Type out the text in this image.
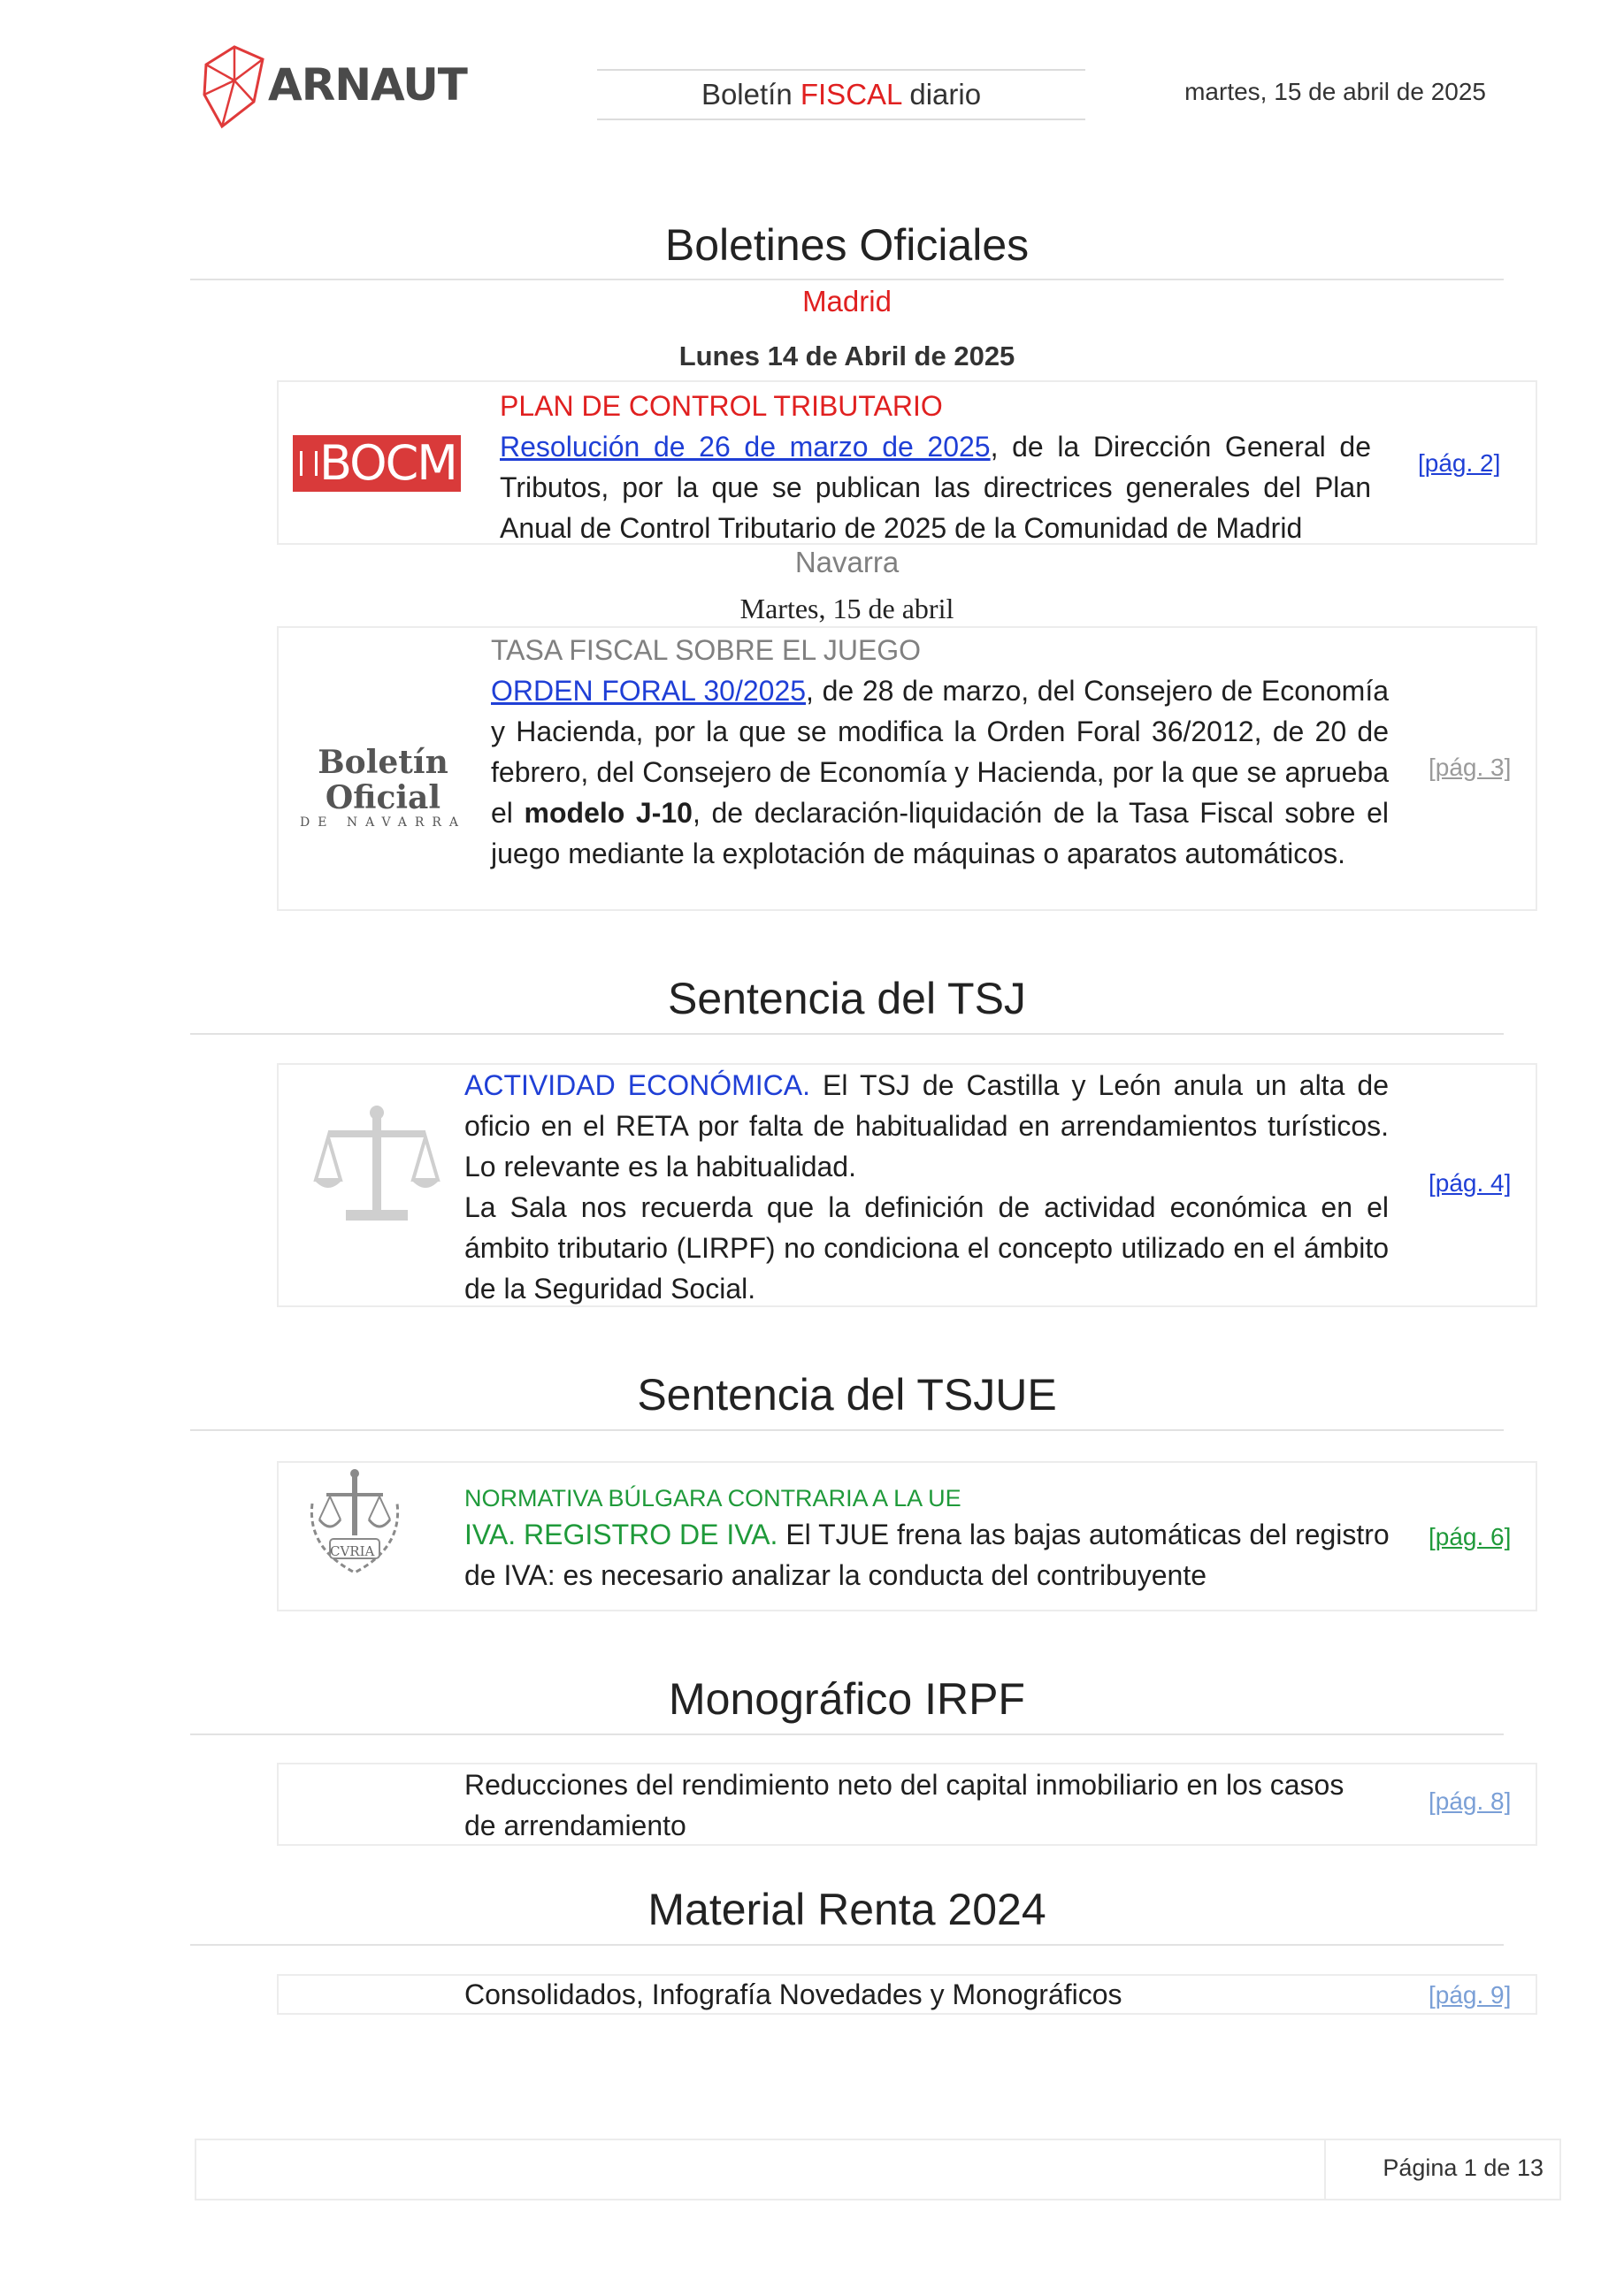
ARNAUT	Boletín FISCAL diario	martes, 15 de abril de 2025
Boletines Oficiales
Madrid
Lunes 14 de Abril de 2025
BOCM
PLAN DE CONTROL TRIBUTARIO
Resolución de 26 de marzo de 2025, de la Dirección General de Tributos, por la que se publican las directrices generales del Plan Anual de Control Tributario de 2025 de la Comunidad de Madrid
[pág. 2]
Navarra
Martes, 15 de abril
Boletín Oficial
DE NAVARRA
TASA FISCAL SOBRE EL JUEGO
ORDEN FORAL 30/2025, de 28 de marzo, del Consejero de Economía y Hacienda, por la que se modifica la Orden Foral 36/2012, de 20 de febrero, del Consejero de Economía y Hacienda, por la que se aprueba el modelo J-10, de declaración-liquidación de la Tasa Fiscal sobre el juego mediante la explotación de máquinas o aparatos automáticos.
[pág. 3]
Sentencia del TSJ
ACTIVIDAD ECONÓMICA. El TSJ de Castilla y León anula un alta de oficio en el RETA por falta de habitualidad en arrendamientos turísticos. Lo relevante es la habitualidad.
La Sala nos recuerda que la definición de actividad económica en el ámbito tributario (LIRPF) no condiciona el concepto utilizado en el ámbito de la Seguridad Social.
[pág. 4]
Sentencia del TSJUE
CVRIA
NORMATIVA BÚLGARA CONTRARIA A LA UE
IVA. REGISTRO DE IVA. El TJUE frena las bajas automáticas del registro de IVA: es necesario analizar la conducta del contribuyente
[pág. 6]
Monográfico IRPF
Reducciones del rendimiento neto del capital inmobiliario en los casos de arrendamiento
[pág. 8]
Material Renta 2024
Consolidados, Infografía Novedades y Monográficos	[pág. 9]
Página 1 de 13
